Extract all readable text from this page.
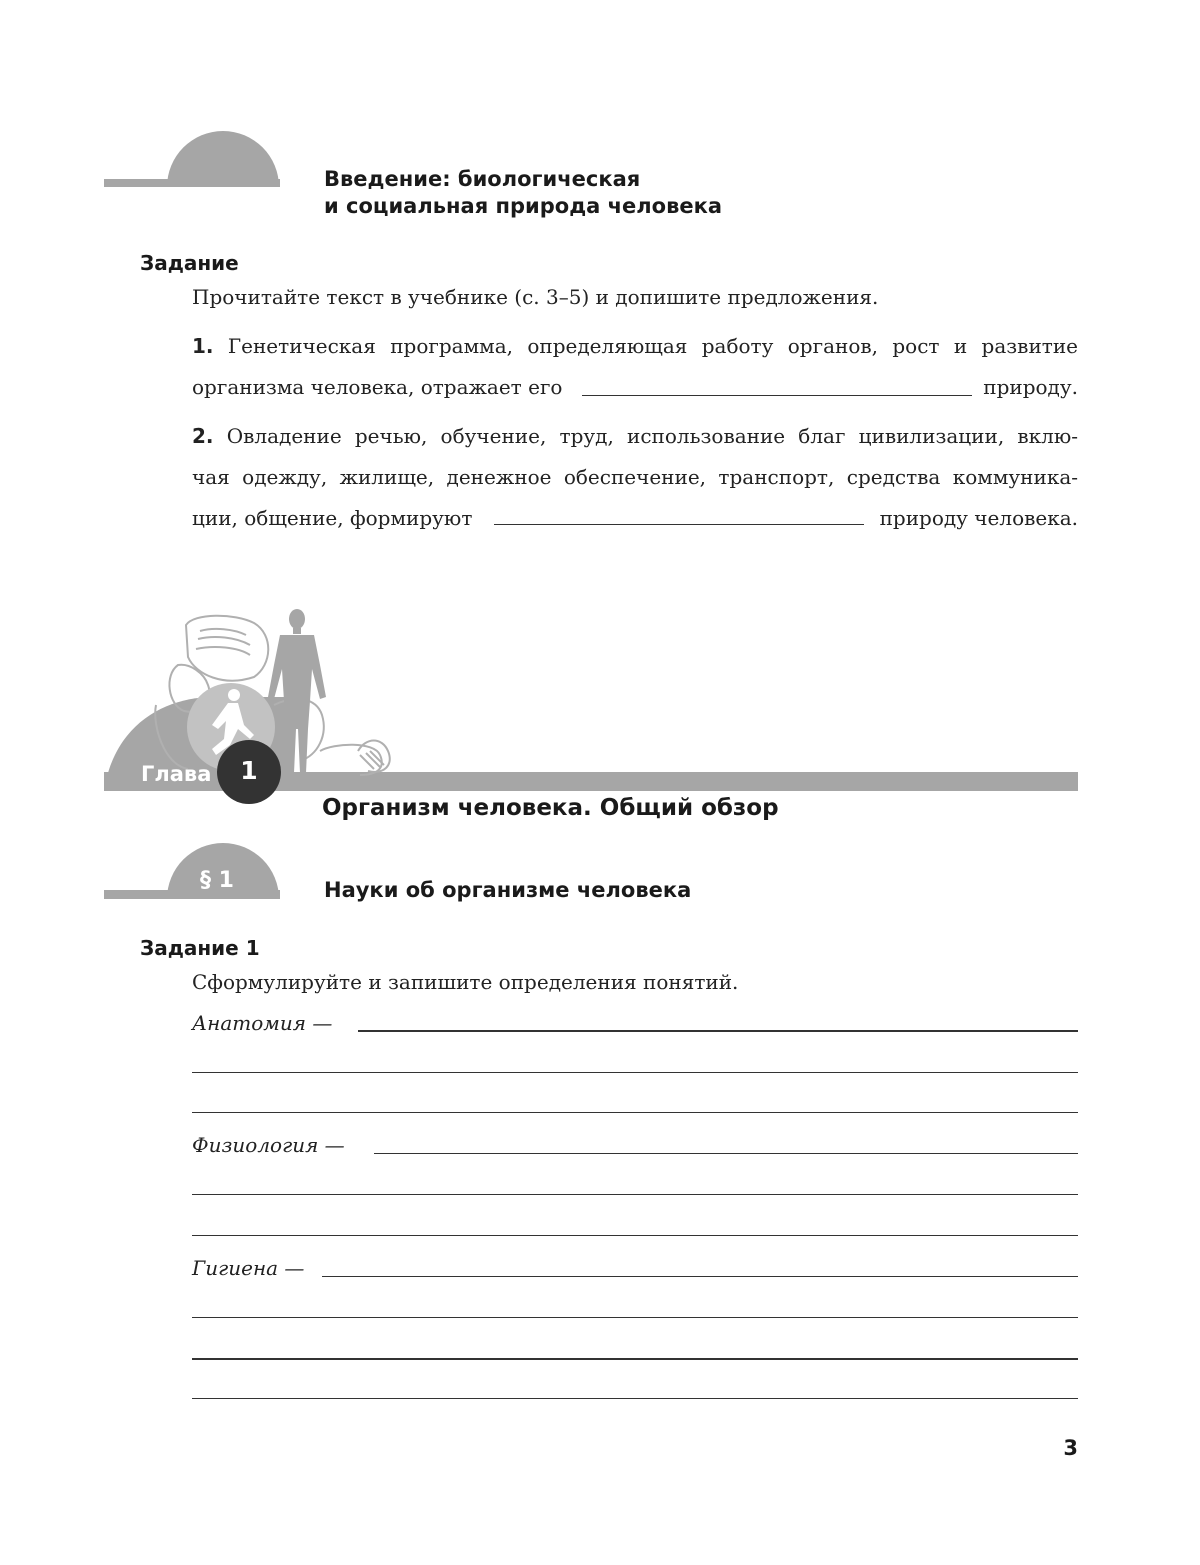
Введение: биологическая
и социальная природа человека
Задание
Прочитайте текст в учебнике (с. 3–5) и допишите предложения.
1. Генетическая программа, определяющая работу органов, рост и развитие
организма человека, отражает его	природу.
2. Овладение речью, обучение, труд, использование благ цивилизации, вклю-
чая одежду, жилище, денежное обеспечение, транспорт, средства коммуника-
ции, общение, формируют	природу человека.
Глава	1
Организм человека. Общий обзор
§ 1	Науки об организме человека
Задание 1
Сформулируйте и запишите определения понятий.
Анатомия —
Физиология —
Гигиена —
3
